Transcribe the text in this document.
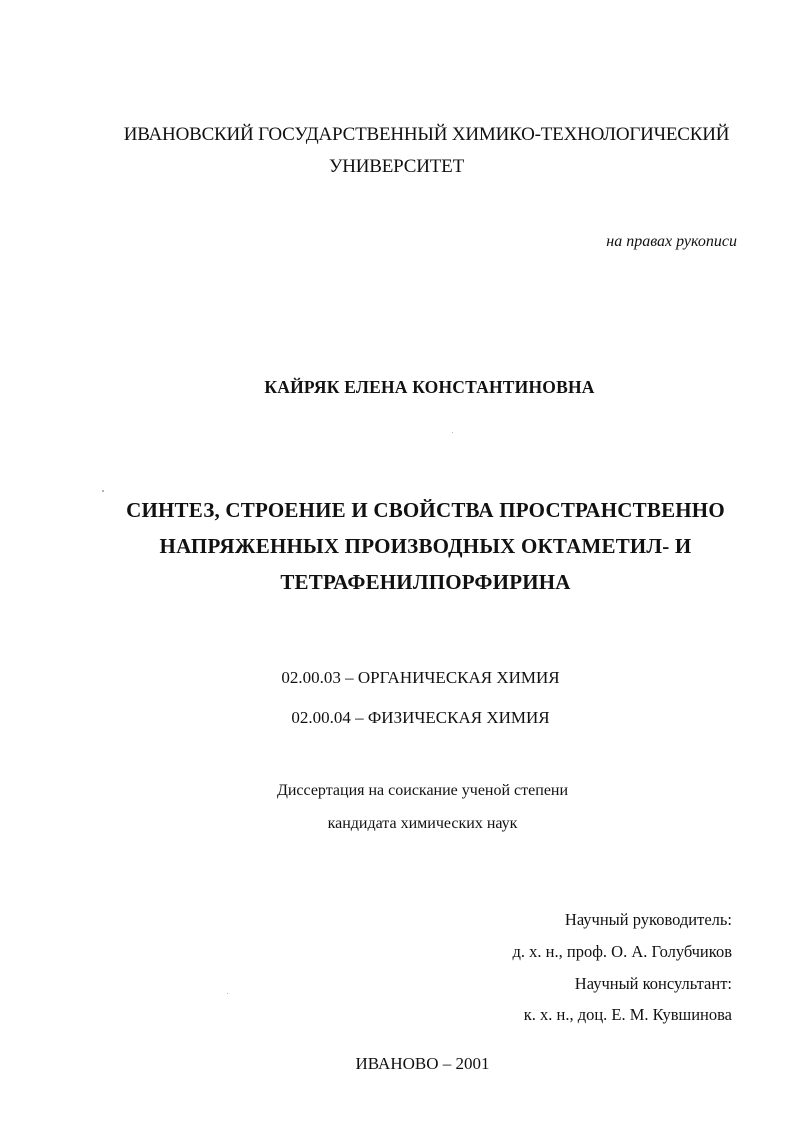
ИВАНОВСКИЙ ГОСУДАРСТВЕННЫЙ ХИМИКО-ТЕХНОЛОГИЧЕСКИЙ

УНИВЕРСИТЕТ

на правах рукописи

КАЙРЯК ЕЛЕНА КОНСТАНТИНОВНА

СИНТЕЗ, СТРОЕНИЕ И СВОЙСТВА ПРОСТРАНСТВЕННО

НАПРЯЖЕННЫХ ПРОИЗВОДНЫХ ОКТАМЕТИЛ- И

ТЕТРАФЕНИЛПОРФИРИНА

02.00.03 – ОРГАНИЧЕСКАЯ ХИМИЯ

02.00.04 – ФИЗИЧЕСКАЯ ХИМИЯ

Диссертация на соискание ученой степени

кандидата химических наук

Научный руководитель:

д. х. н., проф. О. А. Голубчиков

Научный консультант:

к. х. н., доц. Е. М. Кувшинова

ИВАНОВО – 2001
